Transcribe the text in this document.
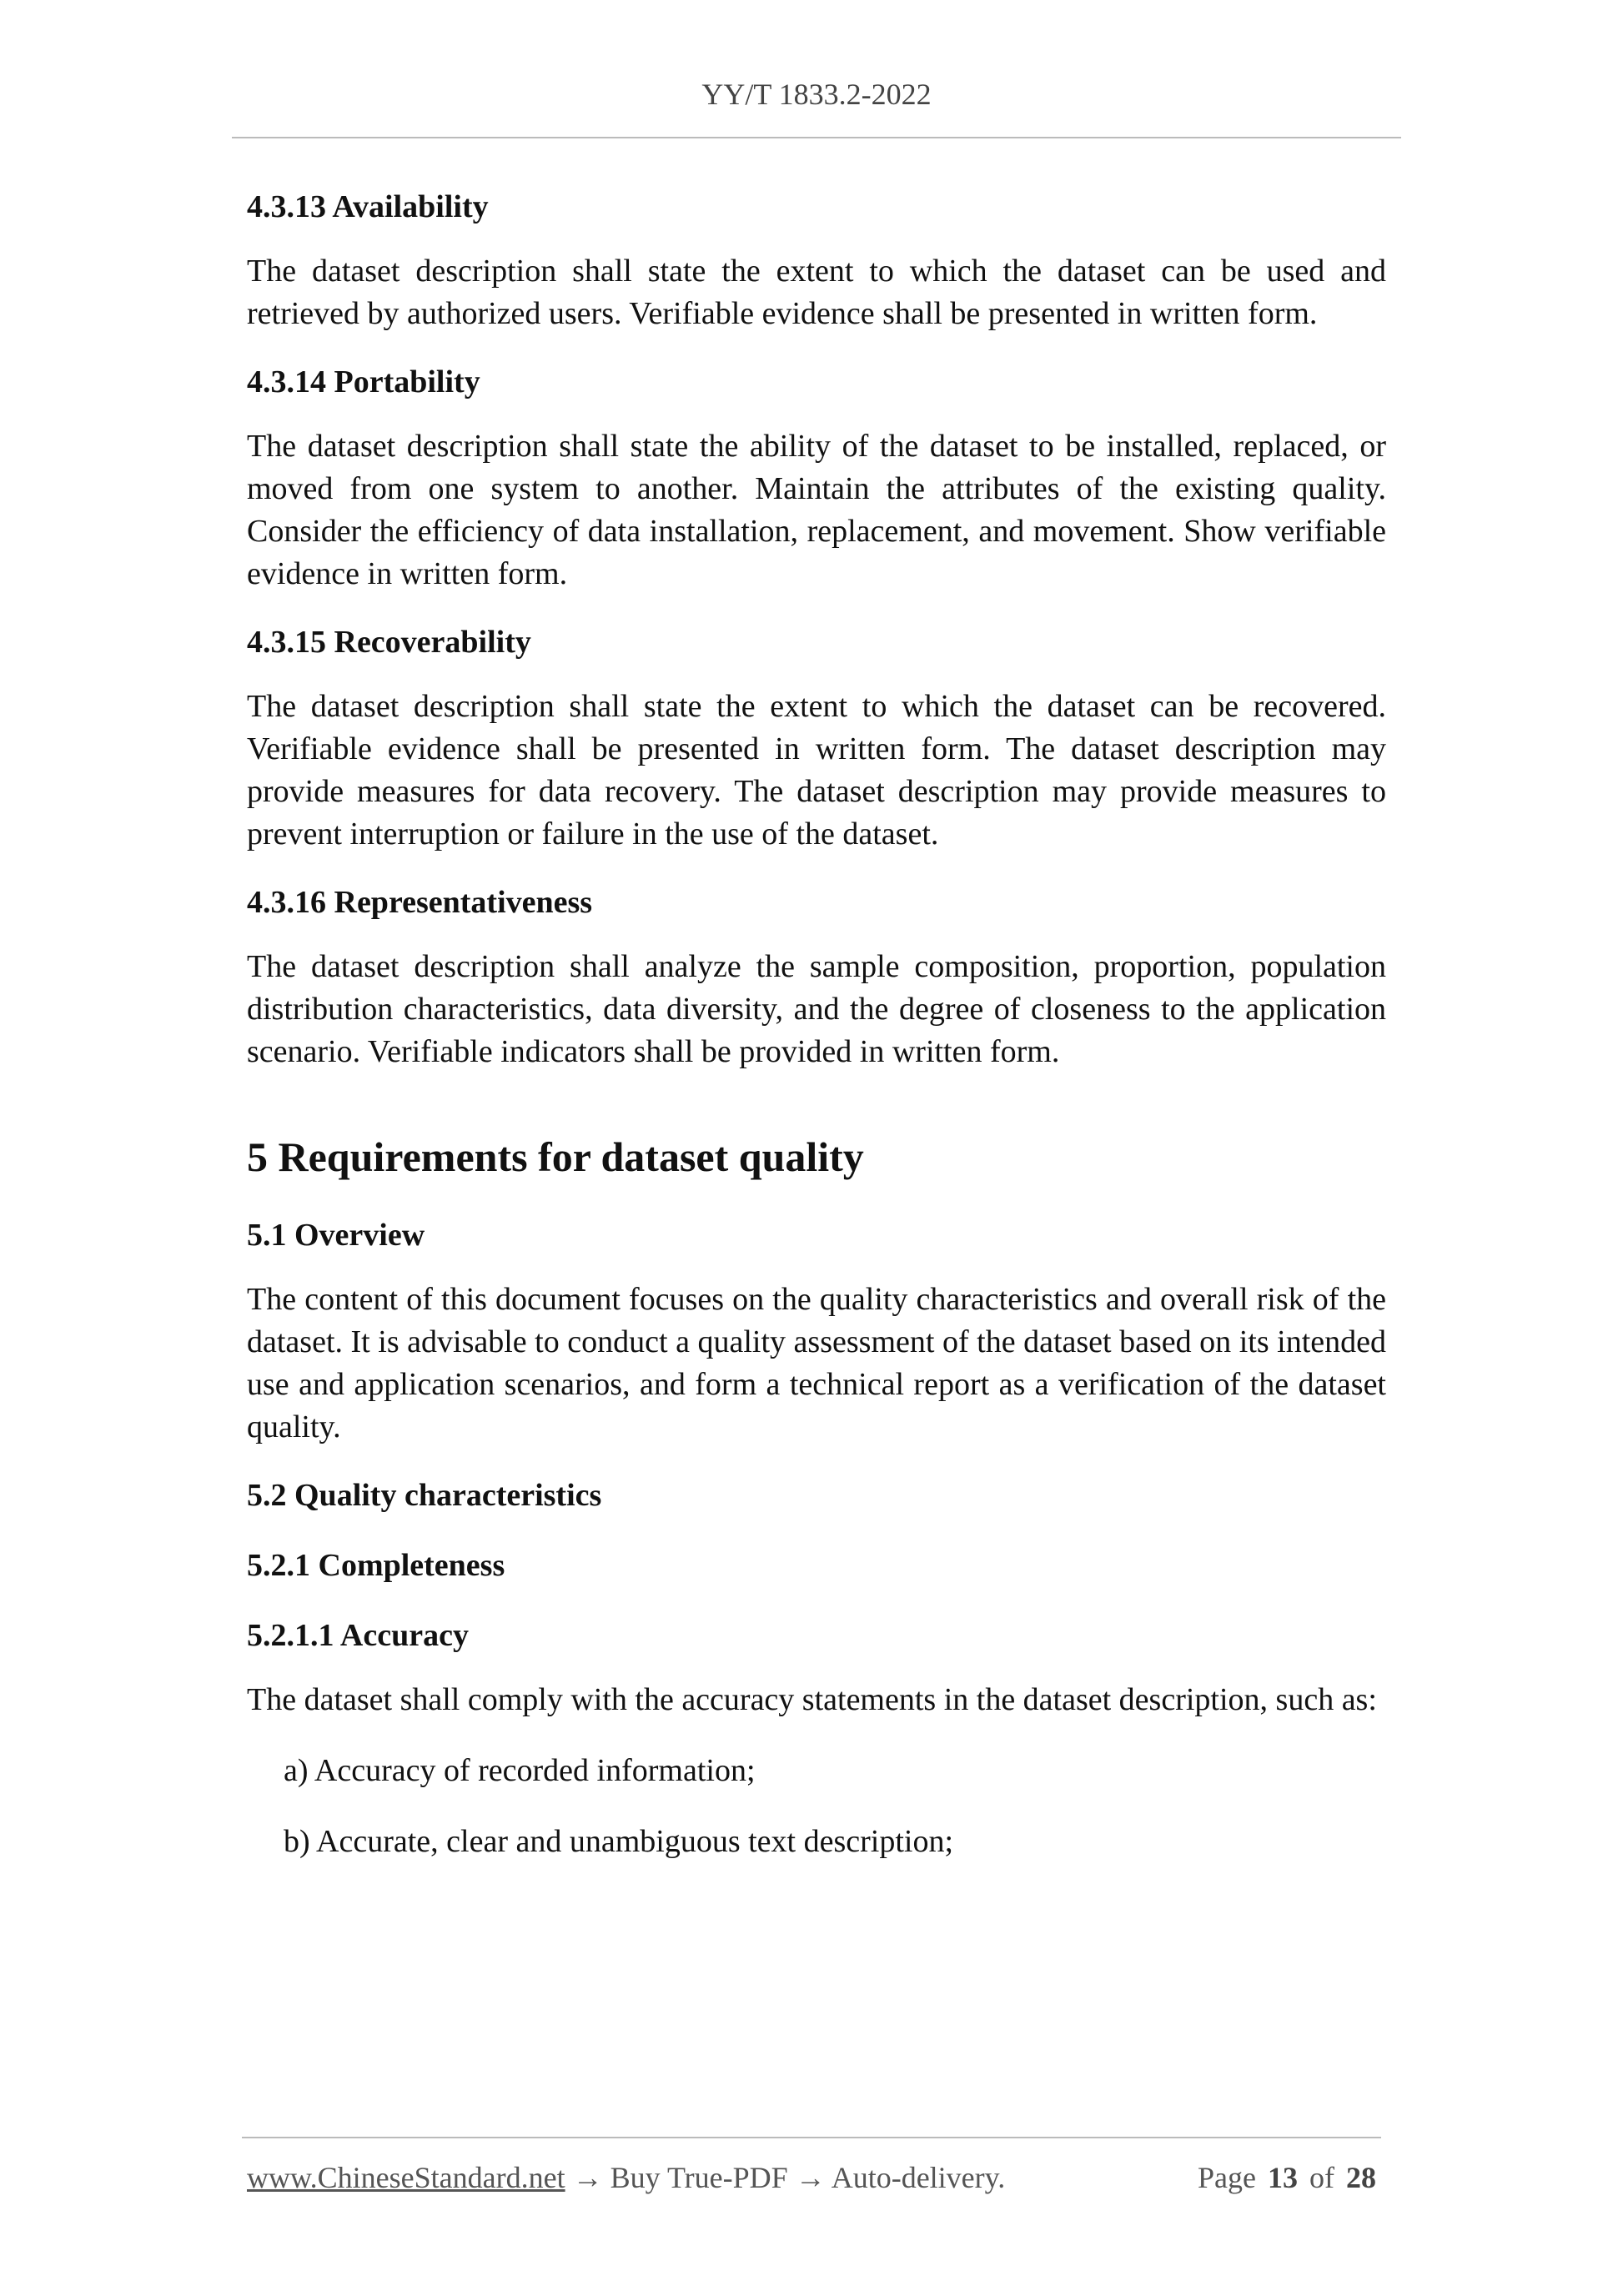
YY/T 1833.2-2022
4.3.13 Availability

The dataset description shall state the extent to which the dataset can be used and retrieved by authorized users. Verifiable evidence shall be presented in written form.

4.3.14 Portability

The dataset description shall state the ability of the dataset to be installed, replaced, or moved from one system to another. Maintain the attributes of the existing quality. Consider the efficiency of data installation, replacement, and movement. Show verifiable evidence in written form.

4.3.15 Recoverability

The dataset description shall state the extent to which the dataset can be recovered. Verifiable evidence shall be presented in written form. The dataset description may provide measures for data recovery. The dataset description may provide measures to prevent interruption or failure in the use of the dataset.

4.3.16 Representativeness

The dataset description shall analyze the sample composition, proportion, population distribution characteristics, data diversity, and the degree of closeness to the application scenario. Verifiable indicators shall be provided in written form.

5 Requirements for dataset quality
5.1 Overview

The content of this document focuses on the quality characteristics and overall risk of the dataset. It is advisable to conduct a quality assessment of the dataset based on its intended use and application scenarios, and form a technical report as a verification of the dataset quality.

5.2 Quality characteristics
5.2.1 Completeness
5.2.1.1 Accuracy

The dataset shall comply with the accuracy statements in the dataset description, such as:

a) Accuracy of recorded information;
b) Accurate, clear and unambiguous text description;
www.ChineseStandard.net → Buy True-PDF → Auto-delivery.	Page 13 of 28
